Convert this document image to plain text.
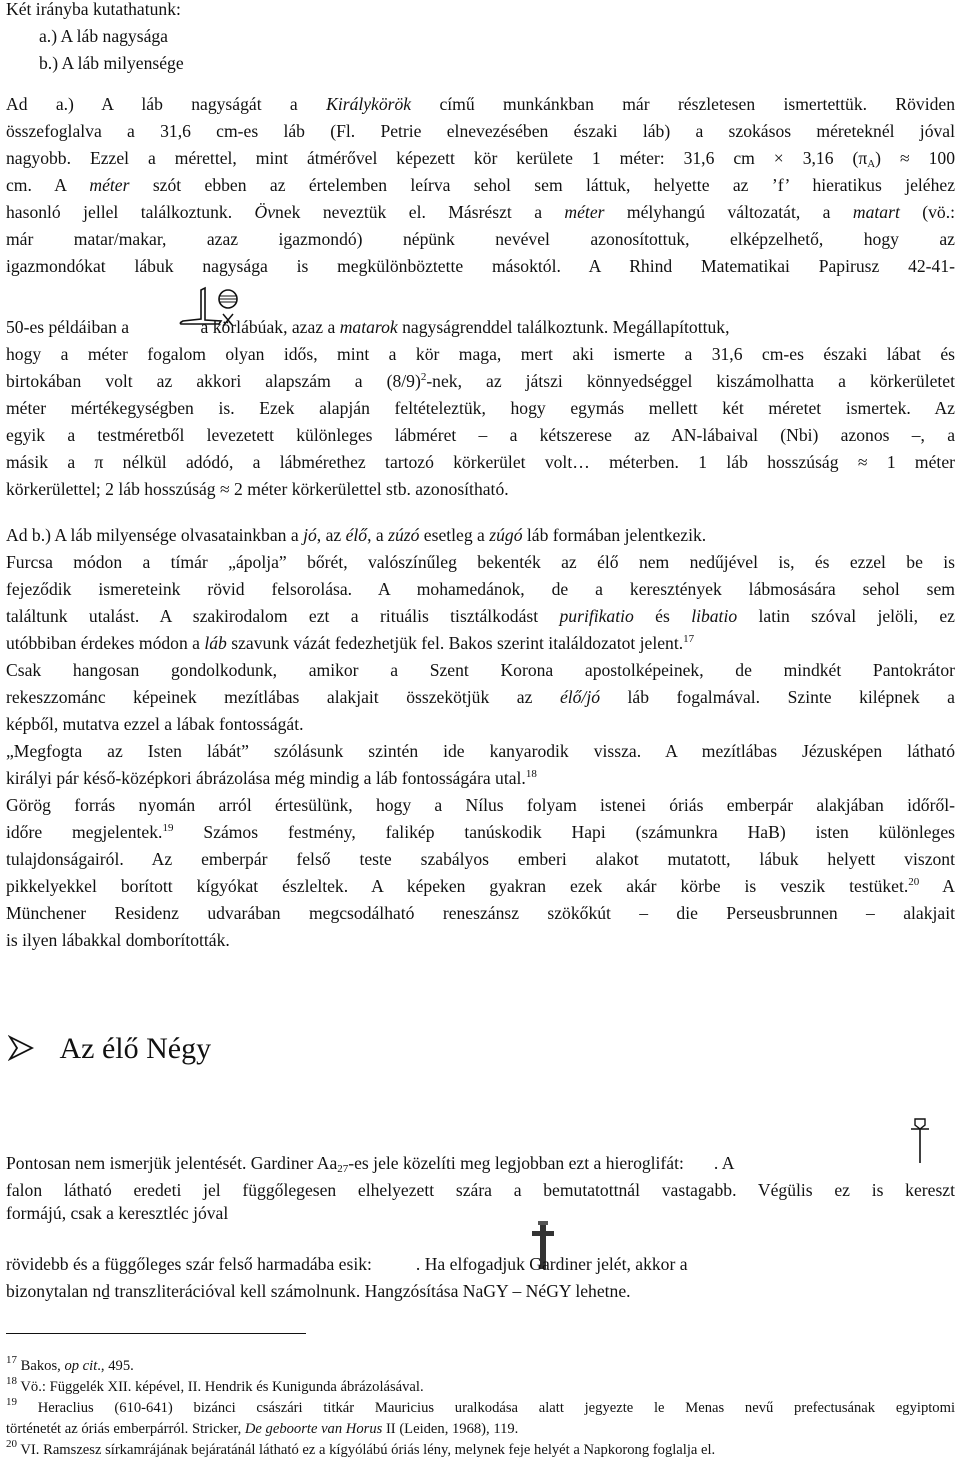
Két irányba kutathatunk:
a.) A láb nagysága
b.) A láb milyensége
Ad a.) A láb nagyságát a Királykörök című munkánkban már részletesen ismertettük. Röviden
összefoglalva a 31,6 cm-es láb (Fl. Petrie elnevezésében északi láb) a szokásos méreteknél jóval
nagyobb. Ezzel a mérettel, mint átmérővel képezett kör kerülete 1 méter: 31,6 cm × 3,16 $(\pi_A) \approx 100$
cm. A méter szót ebben az értelemben leírva sehol sem láttuk, helyette az ’f’ hieratikus jeléhez
hasonló jellel találkoztunk. Övnek neveztük el. Másrészt a méter mélyhangú változatát, a matart (vö.:
már matar/makar, azaz igazmondó) népünk nevével azonosítottuk, elképzelhető, hogy az
igazmondókat lábuk nagysága is megkülönböztette másoktól. A Rhind Matematikai Papirusz 42-41-
50-es példáiban a	a körlábúak, azaz a matarok nagyságrenddel találkoztunk. Megállapítottuk,
hogy a méter fogalom olyan idős, mint a kör maga, mert aki ismerte a 31,6 cm-es északi lábat és
birtokában volt az akkori alapszám a $(8/9)^2$-nek, az játszi könnyedséggel kiszámolhatta a körkerületet
méter mértékegységben is. Ezek alapján feltételeztük, hogy egymás mellett két méretet ismertek. Az
egyik a testméretből levezetett különleges lábméret – a kétszerese az AN-lábaival (Nbi) azonos –, a
másik a π nélkül adódó, a lábmérethez tartozó körkerület volt… méterben. 1 láb hosszúság ≈ 1 méter
körkerülettel; 2 láb hosszúság ≈ 2 méter körkerülettel stb. azonosítható.
Ad b.) A láb milyensége olvasatainkban a jó, az élő, a zúzó esetleg a zúgó láb formában jelentkezik.
Furcsa módon a tímár „ápolja” bőrét, valószínűleg bekenték az élő nem nedűjével is, és ezzel be is
fejeződik ismereteink rövid felsorolása. A mohamedánok, de a keresztények lábmosására sehol sem
találtunk utalást. A szakirodalom ezt a rituális tisztálkodást purifikatio és libatio latin szóval jelöli, ez
utóbbiban érdekes módon a láb szavunk vázát fedezhetjük fel. Bakos szerint italáldozatot jelent.$^{17}$
Csak hangosan gondolkodunk, amikor a Szent Korona apostolképeinek, de mindkét Pantokrátor
rekeszzománc képeinek mezítlábas alakjait összekötjük az élő/jó láb fogalmával. Szinte kilépnek a
képből, mutatva ezzel a lábak fontosságát.
„Megfogta az Isten lábát” szólásunk szintén ide kanyarodik vissza. A mezítlábas Jézusképen látható
királyi pár késő-középkori ábrázolása még mindig a láb fontosságára utal.$^{18}$
Görög forrás nyomán arról értesülünk, hogy a Nílus folyam istenei óriás emberpár alakjában időről-
időre megjelentek.$^{19}$ Számos festmény, falikép tanúskodik Hapi (számunkra HaB) isten különleges
tulajdonságairól. Az emberpár felső teste szabályos emberi alakot mutatott, lábuk helyett viszont
pikkelyekkel borított kígyókat észleltek. A képeken gyakran ezek akár körbe is veszik testüket.$^{20}$ A
Münchener Residenz udvarában megcsodálható reneszánsz szökőkút – die Perseusbrunnen – alakjait
is ilyen lábakkal domborították.
Az élő Négy
Pontosan nem ismerjük jelentését. Gardiner $Aa_{27}-es$ jele közelíti meg legjobban ezt a hieroglifát: . A
falon látható eredeti jel függőlegesen elhelyezett szára a bemutatottnál vastagabb. Végülis ez is kereszt
formájú, csak a keresztléc jóval
rövidebb és a függőleges szár felső harmadába esik:	. Ha elfogadjuk Gardiner jelét, akkor a
bizonytalan nḏ transzliterációval kell számolnunk. Hangzósítása NaGY – NéGY lehetne.
$^{17}$ Bakos, op cit., 495.
$^{18}$ Vö.: Függelék XII. képével, II. Hendrik és Kunigunda ábrázolásával.
$^{19}$ Heraclius (610-641) bizánci császári titkár Mauricius uralkodása alatt jegyezte le Menas nevű prefectusának egyiptomi
történetét az óriás emberpárról. Stricker, De geboorte van Horus II (Leiden, 1968), 119.
$^{20}$ VI. Ramszesz sírkamrájának bejáratánál látható ez a kígyólábú óriás lény, melynek feje helyét a Napkorong foglalja el.
